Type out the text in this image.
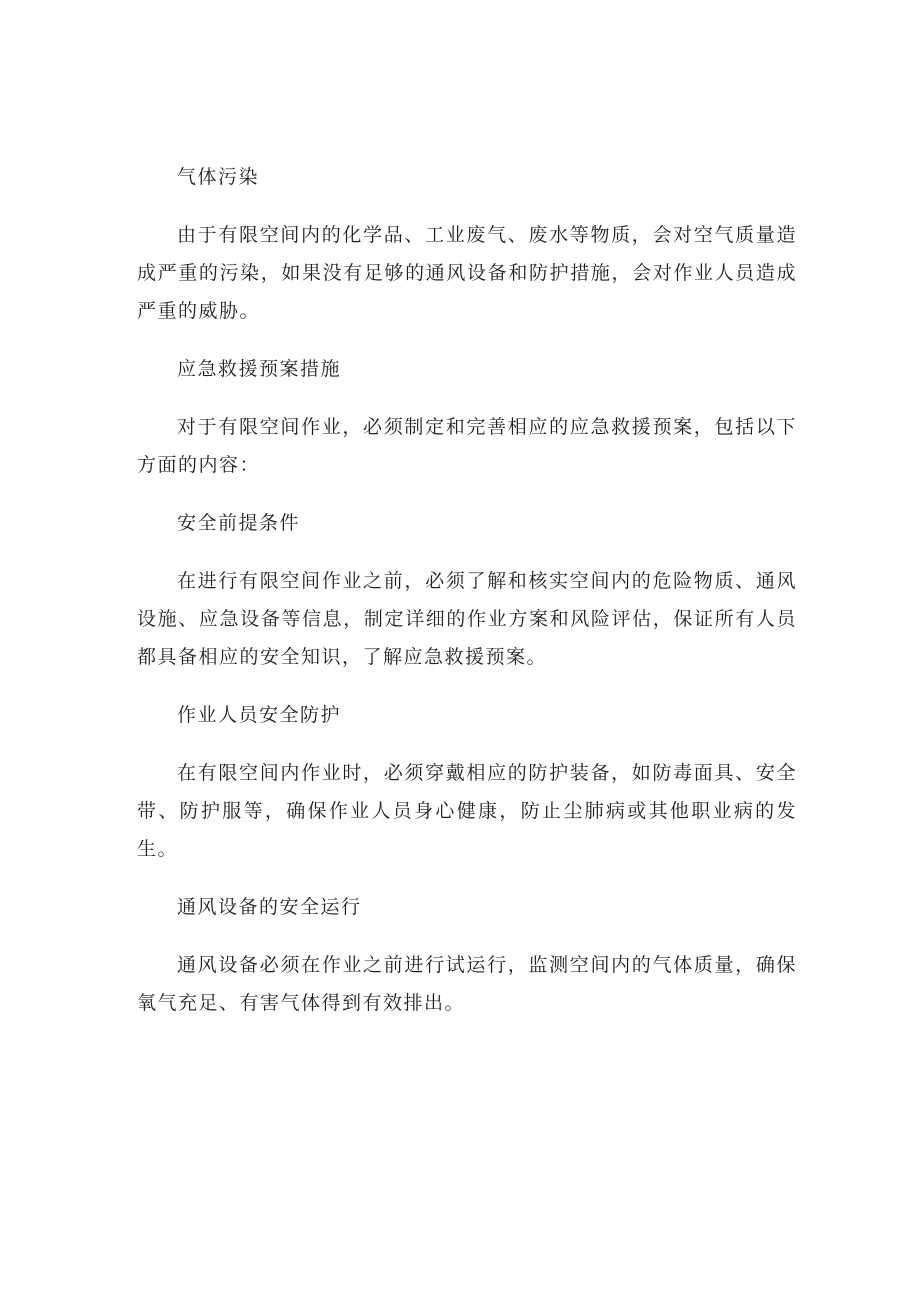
气体污染

由于有限空间内的化学品、工业废气、废水等物质，会对空气质量造成严重的污染，如果没有足够的通风设备和防护措施，会对作业人员造成严重的威胁。

应急救援预案措施

对于有限空间作业，必须制定和完善相应的应急救援预案，包括以下方面的内容：

安全前提条件

在进行有限空间作业之前，必须了解和核实空间内的危险物质、通风设施、应急设备等信息，制定详细的作业方案和风险评估，保证所有人员都具备相应的安全知识，了解应急救援预案。

作业人员安全防护

在有限空间内作业时，必须穿戴相应的防护装备，如防毒面具、安全带、防护服等，确保作业人员身心健康，防止尘肺病或其他职业病的发生。

通风设备的安全运行

通风设备必须在作业之前进行试运行，监测空间内的气体质量，确保氧气充足、有害气体得到有效排出。
